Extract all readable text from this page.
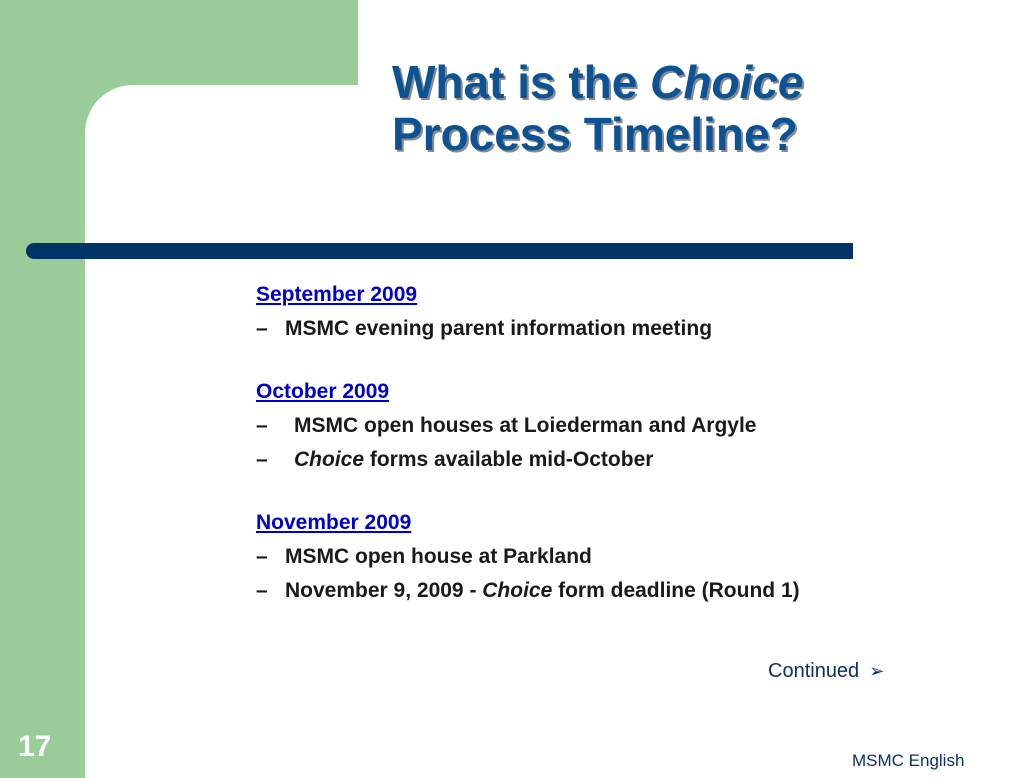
What is the Choice
Process Timeline?
September 2009
– MSMC evening parent information meeting
October 2009
– MSMC open houses at Loiederman and Argyle
– Choice forms available mid-October
November 2009
– MSMC open house at Parkland
– November 9, 2009 - Choice form deadline (Round 1)
Continued ➢
17	MSMC English
